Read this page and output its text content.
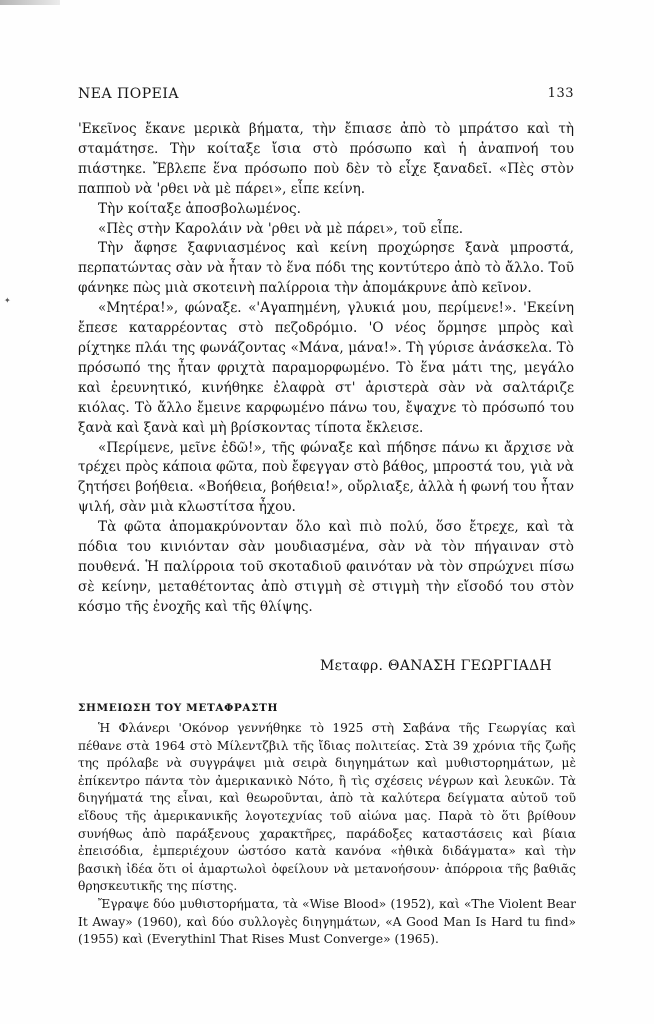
ΝΕΑ ΠΟΡΕΙΑ	133
✦

'Εκεῖνος ἔκανε μερικὰ βήματα, τὴν ἔπιασε ἀπὸ τὸ μπράτσο καὶ τὴ σταμάτησε. Τὴν κοίταξε ἴσια στὸ πρόσωπο καὶ ἡ ἀναπνοή του πιάστηκε. Ἔβλεπε ἕνα πρόσωπο ποὺ δὲν τὸ εἶχε ξαναδεῖ. «Πὲς στὸν παπποὺ νὰ 'ρθει νὰ μὲ πάρει», εἶπε κείνη.

Τὴν κοίταξε ἀποσβολωμένος.

«Πὲς στὴν Καρολάιν νὰ 'ρθει νὰ μὲ πάρει», τοῦ εἶπε.

Τὴν ἄφησε ξαφνιασμένος καὶ κείνη προχώρησε ξανὰ μπροστά, περπατώντας σὰν νὰ ἦταν τὸ ἕνα πόδι της κοντύτερο ἀπὸ τὸ ἄλλο. Τοῦ φάνηκε πὼς μιὰ σκοτεινὴ παλίρροια τὴν ἀπομάκρυνε ἀπὸ κεῖνον.

«Μητέρα!», φώναξε. «'Αγαπημένη, γλυκιά μου, περίμενε!». 'Εκείνη ἔπεσε καταρρέοντας στὸ πεζοδρόμιο. 'Ο νέος ὅρμησε μπρὸς καὶ ρίχτηκε πλάι της φωνάζοντας «Μάνα, μάνα!». Τὴ γύρισε ἀνάσκελα. Τὸ πρόσωπό της ἦταν φριχτὰ παραμορφωμένο. Τὸ ἕνα μάτι της, μεγάλο καὶ ἐρευνητικό, κινήθηκε ἐλαφρὰ στ' ἀριστερὰ σὰν νὰ σαλτάριζε κιόλας. Τὸ ἄλλο ἔμεινε καρφωμένο πάνω του, ἔψαχνε τὸ πρόσωπό του ξανὰ καὶ ξανὰ καὶ μὴ βρίσκοντας τίποτα ἔκλεισε.

«Περίμενε, μεῖνε ἐδῶ!», τῆς φώναξε καὶ πήδησε πάνω κι ἄρχισε νὰ τρέχει πρὸς κάποια φῶτα, ποὺ ἔφεγγαν στὸ βάθος, μπροστά του, γιὰ νὰ ζητήσει βοήθεια. «Βοήθεια, βοήθεια!», οὔρλιαξε, ἀλλὰ ἡ φωνή του ἦταν ψιλή, σὰν μιὰ κλωστίτσα ἦχου.

Τὰ φῶτα ἀπομακρύνονταν ὅλο καὶ πιὸ πολύ, ὅσο ἔτρεχε, καὶ τὰ πόδια του κινιόνταν σὰν μουδιασμένα, σὰν νὰ τὸν πήγαιναν στὸ πουθενά. Ἡ παλίρροια τοῦ σκοταδιοῦ φαινόταν νὰ τὸν σπρώχνει πίσω σὲ κείνην, μεταθέτοντας ἀπὸ στιγμὴ σὲ στιγμὴ τὴν εἴσοδό του στὸν κόσμο τῆς ἐνοχῆς καὶ τῆς θλίψης.

Μεταφρ. ΘΑΝΑΣΗ ΓΕΩΡΓΙΑΔΗ
ΣΗΜΕΙΩΣΗ ΤΟΥ ΜΕΤΑΦΡΑΣΤΗ

Ἡ Φλάνερι 'Οκόνορ γεννήθηκε τὸ 1925 στὴ Σαβάνα τῆς Γεωργίας καὶ πέθανε στὰ 1964 στὸ Μίλεντζβιλ τῆς ἴδιας πολιτείας. Στὰ 39 χρόνια τῆς ζωῆς της πρόλαβε νὰ συγγράψει μιὰ σειρὰ διηγημάτων καὶ μυθιστορημάτων, μὲ ἐπίκεντρο πάντα τὸν ἀμερικανικὸ Νότο, ἢ τὶς σχέσεις νέγρων καὶ λευκῶν. Τὰ διηγήματά της εἶναι, καὶ θεωροῦνται, ἀπὸ τὰ καλύτερα δείγματα αὐτοῦ τοῦ εἴδους τῆς ἀμερικανικῆς λογοτεχνίας τοῦ αἰώνα μας. Παρὰ τὸ ὅτι βρίθουν συνήθως ἀπὸ παράξενους χαρακτῆρες, παράδοξες καταστάσεις καὶ βίαια ἐπεισόδια, ἐμπεριέχουν ὡστόσο κατὰ κανόνα «ἠθικὰ διδάγματα» καὶ τὴν βασικὴ ἰδέα ὅτι οἱ ἁμαρτωλοὶ ὀφείλουν νὰ μετανοήσουν· ἀπόρροια τῆς βαθιᾶς θρησκευτικῆς της πίστης.

Ἔγραψε δύο μυθιστορήματα, τὰ «Wise Blood» (1952), καὶ «The Violent Bear It Away» (1960), καὶ δύο συλλογὲς διηγημάτων, «A Good Man Is Hard tu find» (1955) καὶ (Everythinl That Rises Must Converge» (1965).
